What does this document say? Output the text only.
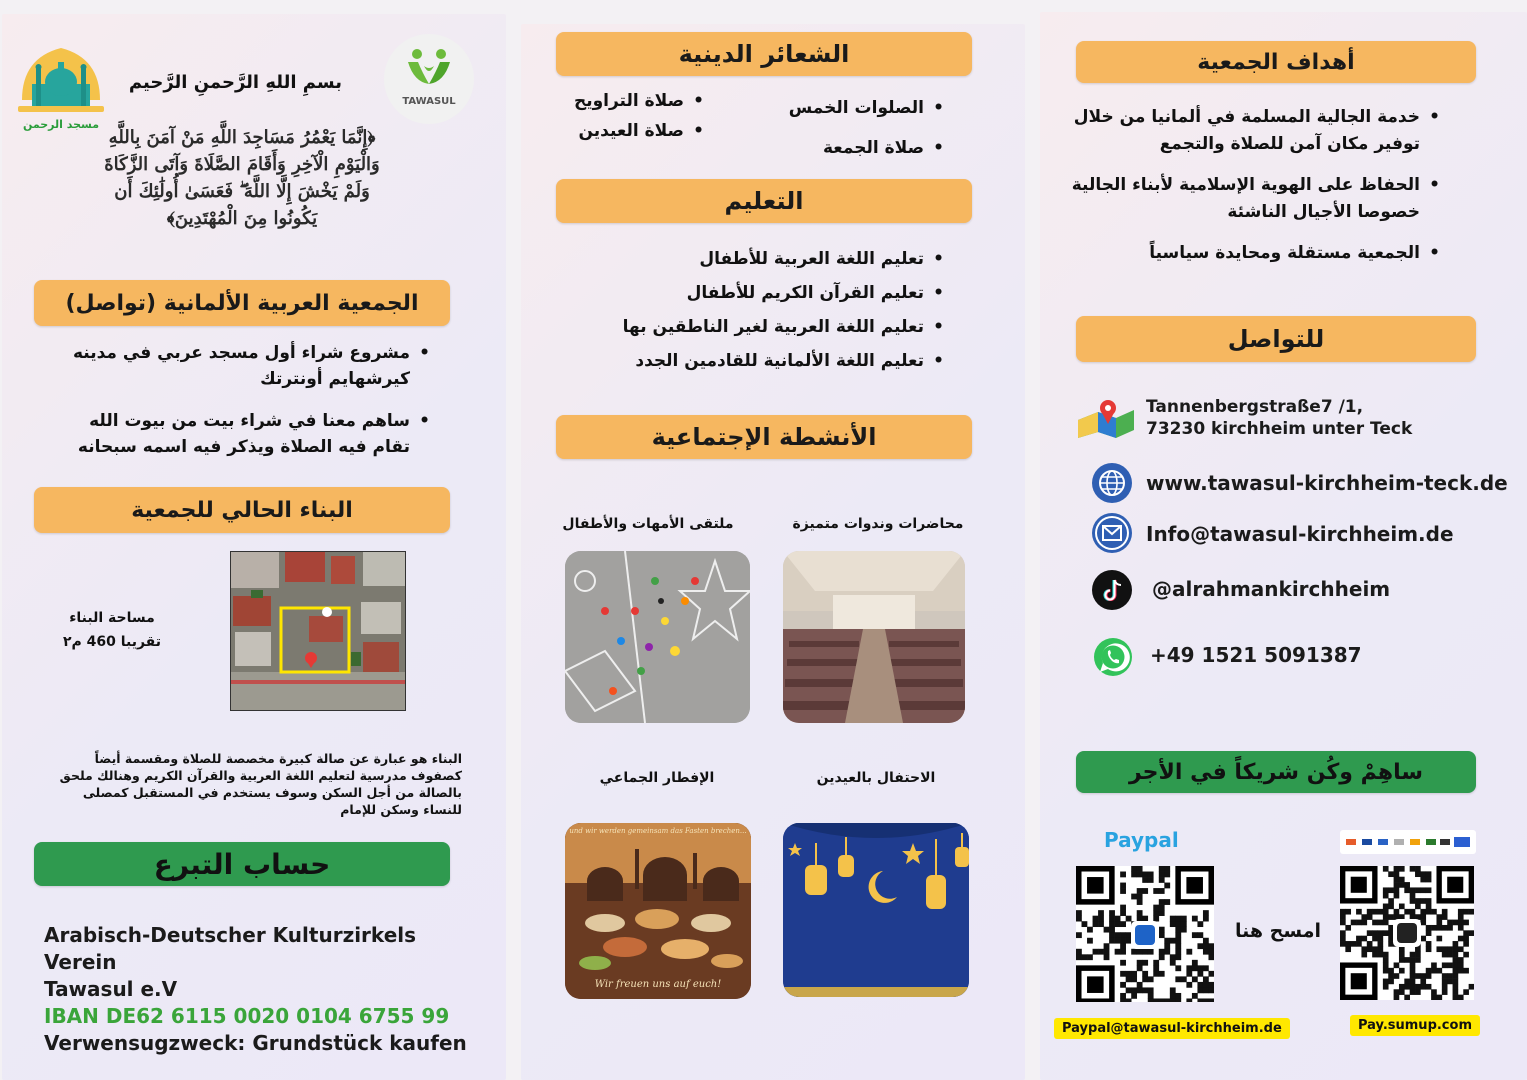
مسجد الرحمن
TAWASUL
بسمِ اللهِ الرَّحمنِ الرَّحيم
﴿إِنَّمَا يَعْمُرُ مَسَاجِدَ اللَّهِ مَنْ آمَنَ بِاللَّهِ وَالْيَوْمِ الْآخِرِ وَأَقَامَ الصَّلَاةَ وَآتَى الزَّكَاةَ وَلَمْ يَخْشَ إِلَّا اللَّهَ ۖ فَعَسَىٰ أُولَٰئِكَ أَن يَكُونُوا مِنَ الْمُهْتَدِينَ﴾
الجمعية العربية الألمانية (تواصل)
• مشروع شراء أول مسجد عربي في مدينه كيرشهايم أونترتك
• ساهم معنا في شراء بيت من بيوت الله تقام فيه الصلاة ويذكر فيه اسمه سبحانه
البناء الحالي للجمعية
مساحة البناء
تقريبا 460 م٢
البناء هو عبارة عن صالة كبيرة مخصصة للصلاة ومقسمة أيضاً كصفوف مدرسية لتعليم اللغة العربية والقرآن الكريم وهنالك ملحق بالصالة من أجل السكن وسوف يستخدم في المستقبل كمصلى للنساء وسكن للإمام
حساب التبرع
Arabisch-Deutscher Kulturzirkels Verein
Tawasul e.V
IBAN DE62 6115 0020 0104 6755 99
Verwensugzweck: Grundstück kaufen
الشعائر الدينية
• الصلوات الخمس
• صلاة الجمعة
• صلاة التراويح
• صلاة العيدين
التعليم
• تعليم اللغة العربية للأطفال
• تعليم القرآن الكريم للأطفال
• تعليم اللغة العربية لغير الناطقين بها
• تعليم اللغة الألمانية للقادمين الجدد
الأنشطة الإجتماعية
محاضرات وندوات متميزة
ملتقى الأمهات والأطفال
الاحتفال بالعيدين
الإفطار الجماعي
und wir werden gemeinsam das Fasten brechen...
Wir freuen uns auf euch!
أهداف الجمعية
• خدمة الجالية المسلمة في ألمانيا من خلال توفير مكان آمن للصلاة والتجمع
• الحفاظ على الهوية الإسلامية لأبناء الجالية خصوصا الأجيال الناشئة
• الجمعية مستقلة ومحايدة سياسياً
للتواصل
Tannenbergstraße7 /1,
73230 kirchheim unter Teck
www.tawasul-kirchheim-teck.de
Info@tawasul-kirchheim.de
@alrahmankirchheim
+49 1521 5091387
ساهِمْ وكُن شريكاً في الأجر
Paypal
امسح هنا
Paypal@tawasul-kirchheim.de	Pay.sumup.com
